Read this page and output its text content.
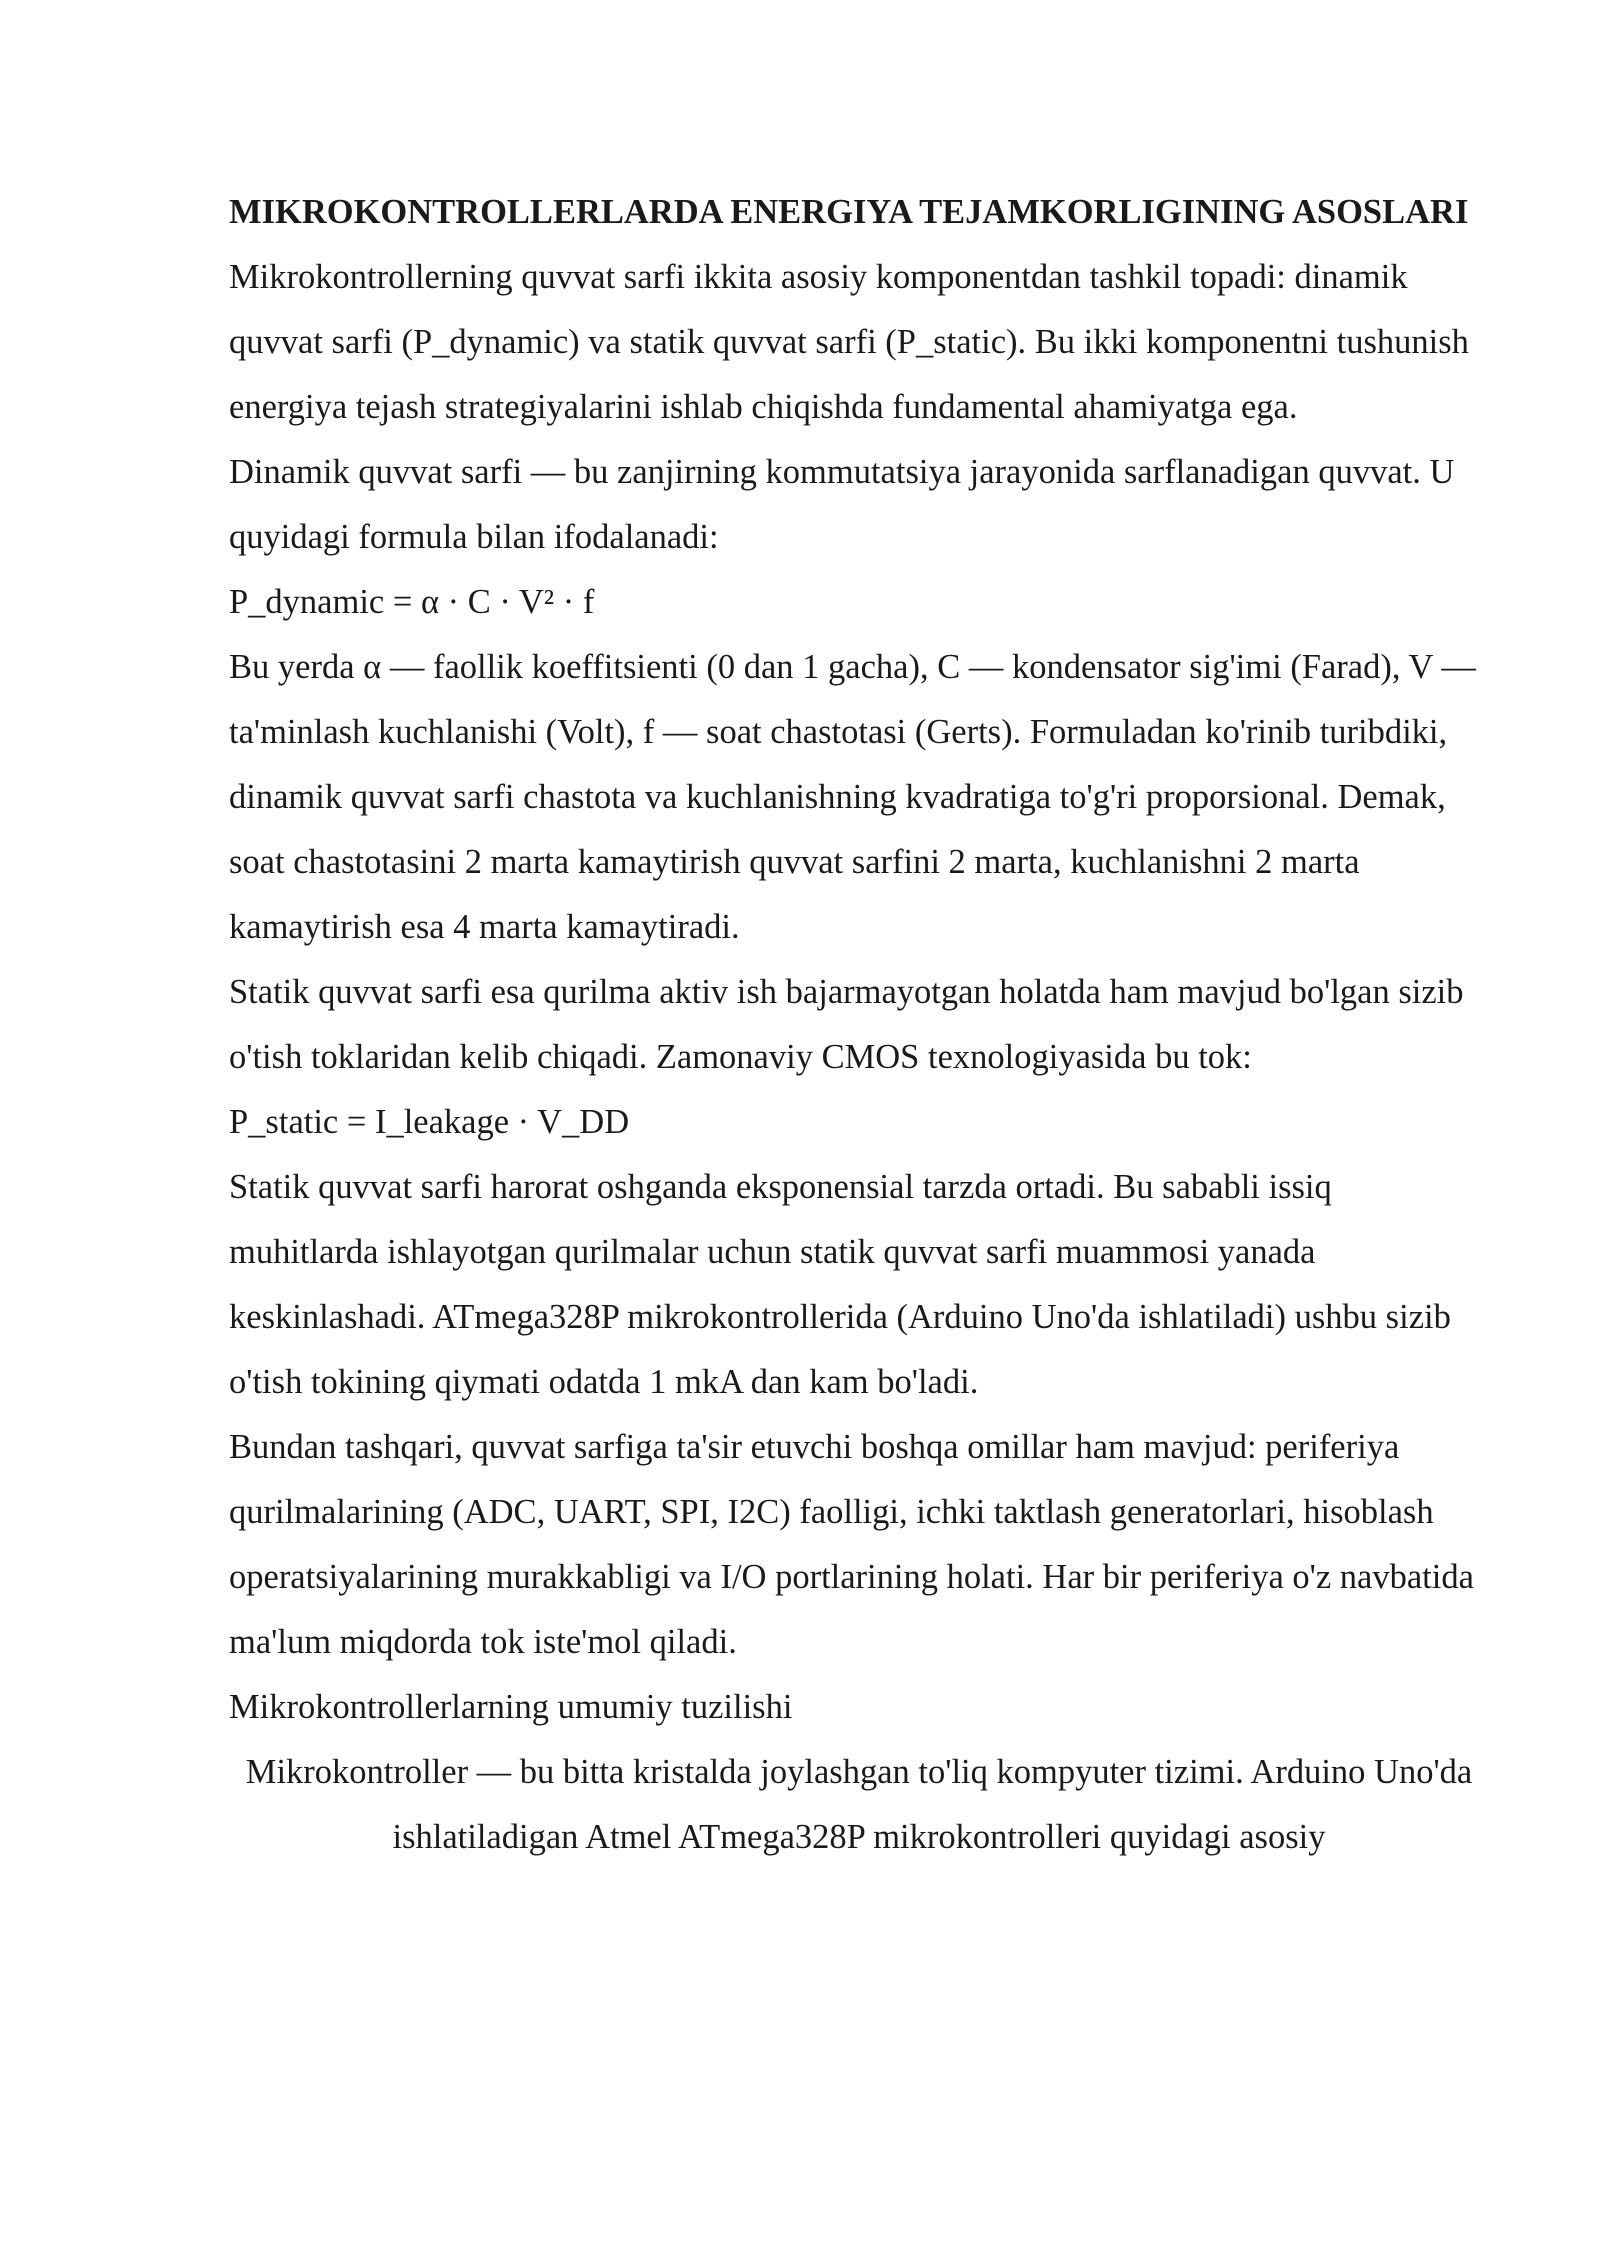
MIKROKONTROLLERLARDA ENERGIYA TEJAMKORLIGINING ASOSLARI

Mikrokontrollerning quvvat sarfi ikkita asosiy komponentdan tashkil topadi: dinamik quvvat sarfi (P_dynamic) va statik quvvat sarfi (P_static). Bu ikki komponentni tushunish energiya tejash strategiyalarini ishlab chiqishda fundamental ahamiyatga ega.

Dinamik quvvat sarfi — bu zanjirning kommutatsiya jarayonida sarflanadigan quvvat. U quyidagi formula bilan ifodalanadi:

P_dynamic = α · C · V² · f

Bu yerda α — faollik koeffitsienti (0 dan 1 gacha), C — kondensator sig'imi (Farad), V — ta'minlash kuchlanishi (Volt), f — soat chastotasi (Gerts). Formuladan ko'rinib turibdiki, dinamik quvvat sarfi chastota va kuchlanishning kvadratiga to'g'ri proporsional. Demak, soat chastotasini 2 marta kamaytirish quvvat sarfini 2 marta, kuchlanishni 2 marta kamaytirish esa 4 marta kamaytiradi.

Statik quvvat sarfi esa qurilma aktiv ish bajarmayotgan holatda ham mavjud bo'lgan sizib o'tish toklaridan kelib chiqadi. Zamonaviy CMOS texnologiyasida bu tok:

P_static = I_leakage · V_DD

Statik quvvat sarfi harorat oshganda eksponensial tarzda ortadi. Bu sababli issiq muhitlarda ishlayotgan qurilmalar uchun statik quvvat sarfi muammosi yanada keskinlashadi. ATmega328P mikrokontrollerida (Arduino Uno'da ishlatiladi) ushbu sizib o'tish tokining qiymati odatda 1 mkA dan kam bo'ladi.

Bundan tashqari, quvvat sarfiga ta'sir etuvchi boshqa omillar ham mavjud: periferiya qurilmalarining (ADC, UART, SPI, I2C) faolligi, ichki taktlash generatorlari, hisoblash operatsiyalarining murakkabligi va I/O portlarining holati. Har bir periferiya o'z navbatida ma'lum miqdorda tok iste'mol qiladi.

Mikrokontrollerlarning umumiy tuzilishi

Mikrokontroller — bu bitta kristalda joylashgan to'liq kompyuter tizimi. Arduino Uno'da ishlatiladigan Atmel ATmega328P mikrokontrolleri quyidagi asosiy
